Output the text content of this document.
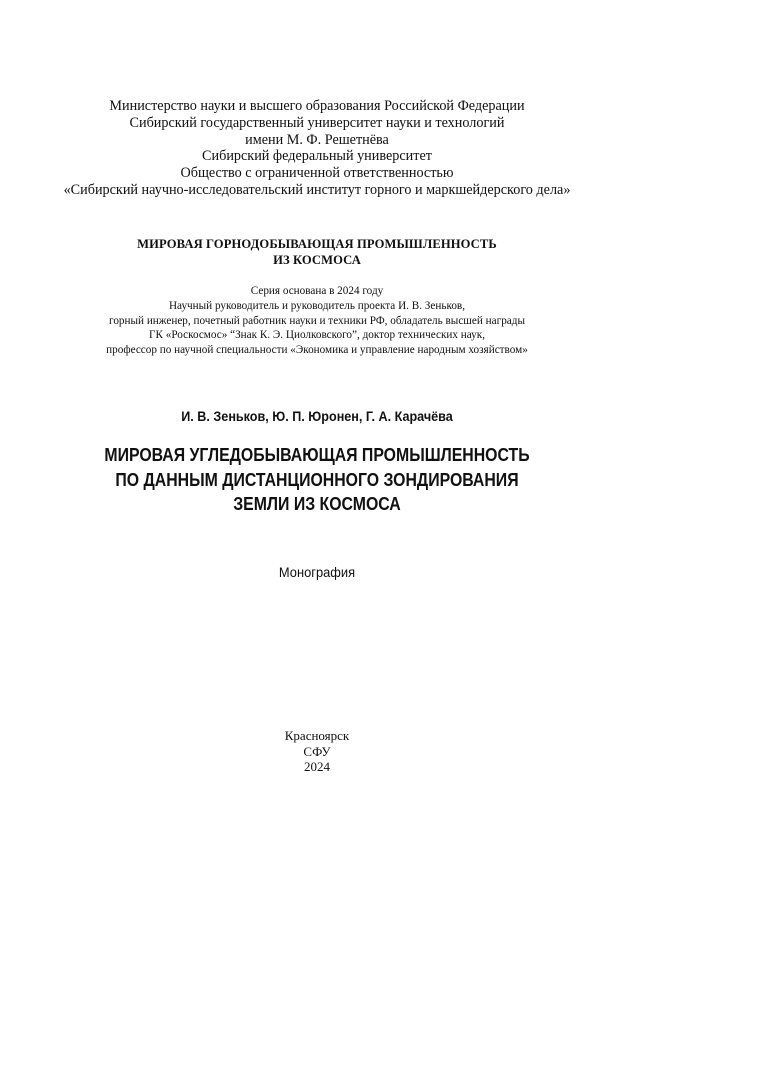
Министерство науки и высшего образования Российской Федерации
Сибирский государственный университет науки и технологий
имени М. Ф. Решетнёва
Сибирский федеральный университет
Общество с ограниченной ответственностью
«Сибирский научно-исследовательский институт горного и маркшейдерского дела»
МИРОВАЯ ГОРНОДОБЫВАЮЩАЯ ПРОМЫШЛЕННОСТЬ
ИЗ КОСМОСА
Серия основана в 2024 году
Научный руководитель и руководитель проекта И. В. Зеньков,
горный инженер, почетный работник науки и техники РФ, обладатель высшей награды
ГК «Роскосмос» “Знак К. Э. Циолковского”, доктор технических наук,
профессор по научной специальности «Экономика и управление народным хозяйством»
И. В. Зеньков, Ю. П. Юронен, Г. А. Карачёва
МИРОВАЯ УГЛЕДОБЫВАЮЩАЯ ПРОМЫШЛЕННОСТЬ
ПО ДАННЫМ ДИСТАНЦИОННОГО ЗОНДИРОВАНИЯ
ЗЕМЛИ ИЗ КОСМОСА
Монография
Красноярск
СФУ
2024
